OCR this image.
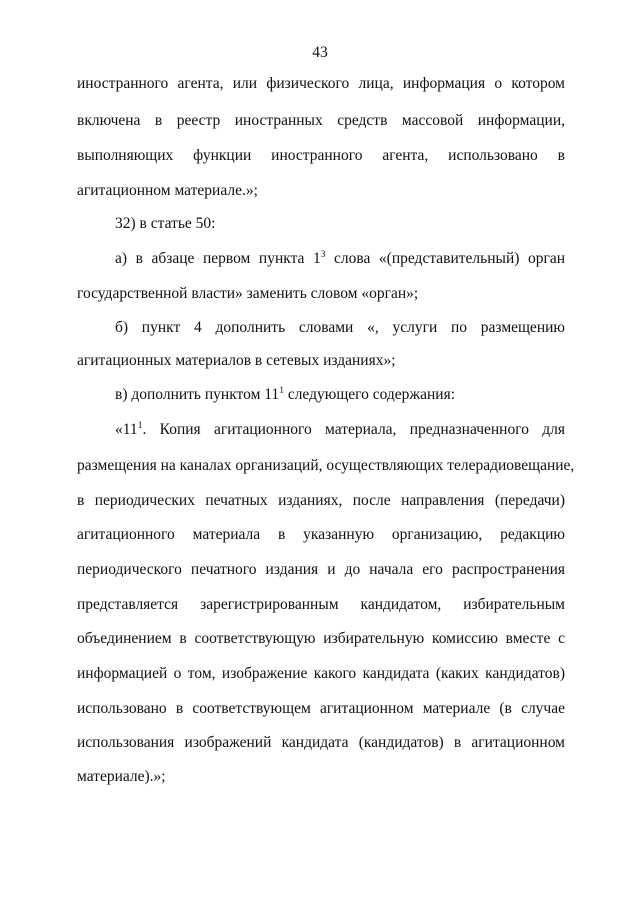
43
иностранного агента, или физического лица, информация о котором
включена в реестр иностранных средств массовой информации,
выполняющих функции иностранного агента, использовано в
агитационном материале.»;
32) в статье 50:
а) в абзаце первом пункта $1^3$ слова «(представительный) орган
государственной власти» заменить словом «орган»;
б) пункт 4 дополнить словами «, услуги по размещению
агитационных материалов в сетевых изданиях»;
в) дополнить пунктом $11^1$ следующего содержания:
«$11^1$. Копия агитационного материала, предназначенного для
размещения на каналах организаций, осуществляющих телерадиовещание,
в периодических печатных изданиях, после направления (передачи)
агитационного материала в указанную организацию, редакцию
периодического печатного издания и до начала его распространения
представляется зарегистрированным кандидатом, избирательным
объединением в соответствующую избирательную комиссию вместе с
информацией о том, изображение какого кандидата (каких кандидатов)
использовано в соответствующем агитационном материале (в случае
использования изображений кандидата (кандидатов) в агитационном
материале).»;
